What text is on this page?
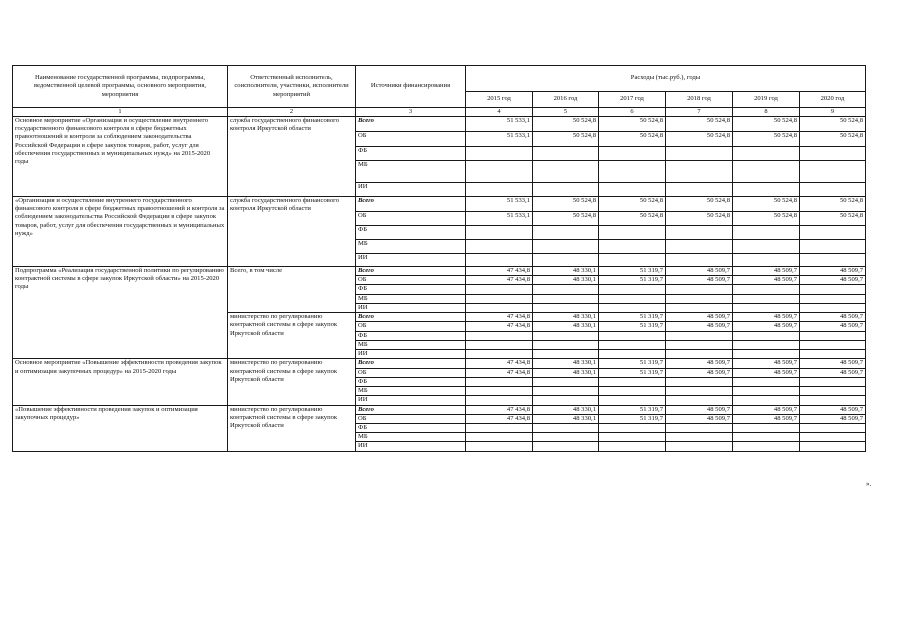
Наименование государственной программы, подпрограммы, ведомственной целевой программы, основного мероприятия, мероприятия	Ответственный исполнитель, соисполнители, участники, исполнители мероприятий	Источники финансирования	Расходы (тыс.руб.), годы					
			2015 год	2016 год	2017 год	2018 год	2019 год	2020 год
1	2	3	4	5	6	7	8	9
Основное мероприятие «Организация и осуществление внутреннего государственного финансового контроля в сфере бюджетных правоотношений и контроля за соблюдением законодательства Российской Федерации в сфере закупок товаров, работ, услуг для обеспечения государственных и муниципальных нужд» на 2015-2020 годы	служба государственного финансового контроля Иркутской области	Всего	51 533,1	50 524,8	50 524,8	50 524,8	50 524,8	50 524,8
		ОБ	51 533,1	50 524,8	50 524,8	50 524,8	50 524,8	50 524,8
		ФБ						
		МБ						
		ИИ						
«Организация и осуществление внутреннего государственного финансового контроля в сфере бюджетных правоотношений и контроля за соблюдением законодательства Российской Федерации в сфере закупок товаров, работ, услуг для обеспечения государственных и муниципальных нужд»	служба государственного финансового контроля Иркутской области	Всего	51 533,1	50 524,8	50 524,8	50 524,8	50 524,8	50 524,8
		ОБ	51 533,1	50 524,8	50 524,8	50 524,8	50 524,8	50 524,8
		ФБ						
		МБ						
		ИИ						
Подпрограмма «Реализация государственной политики по регулированию контрактной системы в сфере закупок Иркутской области» на 2015-2020 годы	Всего, в том числе	Всего	47 434,8	48 330,1	51 319,7	48 509,7	48 509,7	48 509,7
		ОБ	47 434,8	48 330,1	51 319,7	48 509,7	48 509,7	48 509,7
		ФБ						
		МБ						
		ИИ						
	министерство по регулированию контрактной системы в сфере закупок Иркутской области	Всего	47 434,8	48 330,1	51 319,7	48 509,7	48 509,7	48 509,7
		ОБ	47 434,8	48 330,1	51 319,7	48 509,7	48 509,7	48 509,7
		ФБ						
		МБ						
		ИИ						
Основное мероприятие «Повышение эффективности проведения закупок и оптимизация закупочных процедур» на 2015-2020 годы	министерство по регулированию контрактной системы в сфере закупок Иркутской области	Всего	47 434,8	48 330,1	51 319,7	48 509,7	48 509,7	48 509,7
		ОБ	47 434,8	48 330,1	51 319,7	48 509,7	48 509,7	48 509,7
		ФБ						
		МБ						
		ИИ						
«Повышение эффективности проведения закупок и оптимизация закупочных процедур»	министерство по регулированию контрактной системы в сфере закупок Иркутской области	Всего	47 434,8	48 330,1	51 319,7	48 509,7	48 509,7	48 509,7
		ОБ	47 434,8	48 330,1	51 319,7	48 509,7	48 509,7	48 509,7
		ФБ						
		МБ						
		ИИ						
».
